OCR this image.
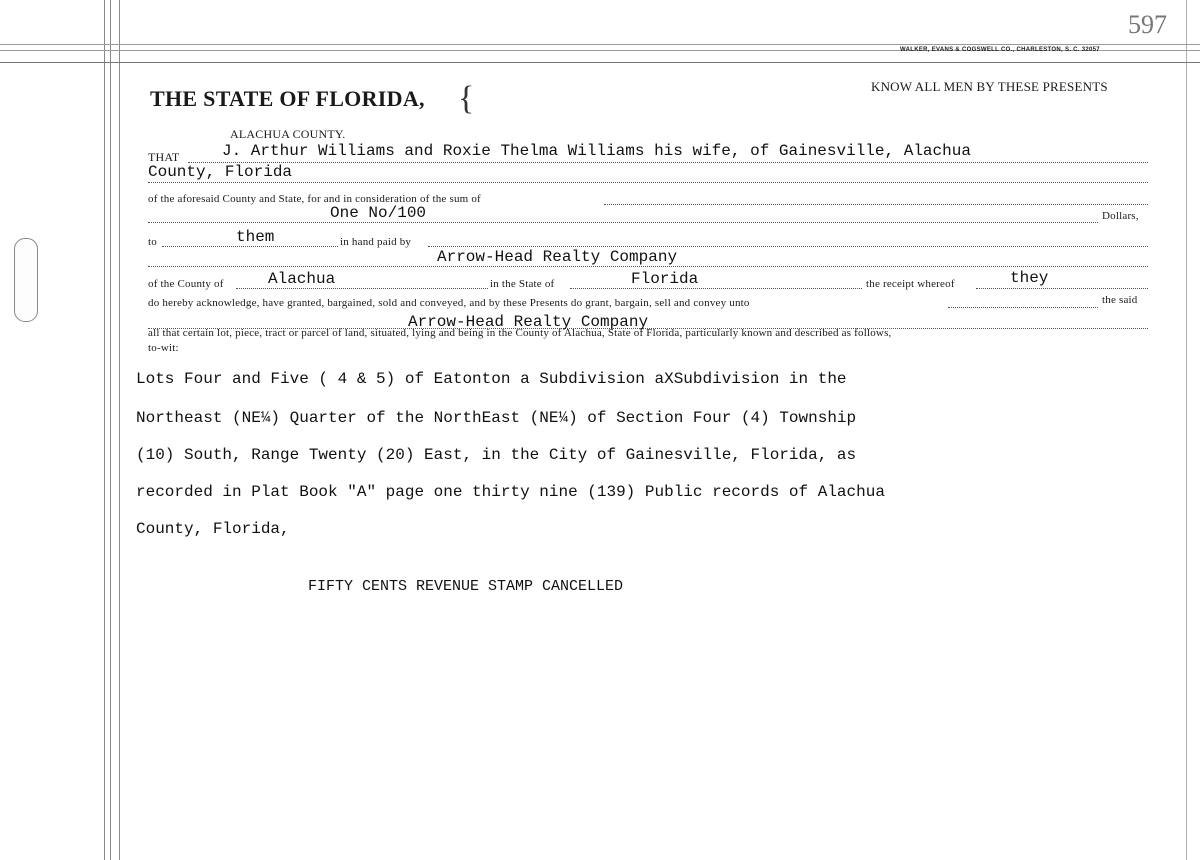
597
WALKER, EVANS & COGSWELL CO., CHARLESTON, S. C. 32057
THE STATE OF FLORIDA, {
ALACHUA COUNTY.
KNOW ALL MEN BY THESE PRESENTS
THAT	J. Arthur Williams and Roxie Thelma Williams his wife, of Gainesville, Alachua
County, Florida
of the aforesaid County and State, for and in consideration of the sum of
One No/100	Dollars,
to	them	in hand paid by
Arrow-Head Realty Company
of the County of	Alachua	in the State of	Florida	the receipt whereof	they
do hereby acknowledge, have granted, bargained, sold and conveyed, and by these Presents do grant, bargain, sell and convey unto	the said
Arrow-Head Realty Company
all that certain lot, piece, tract or parcel of land, situated, lying and being in the County of Alachua, State of Florida, particularly known and described as follows,
to-wit:
Lots Four and Five ( 4 & 5) of Eatonton a Subdivision aXSubdivision in the
Northeast (NE¼) Quarter of the NorthEast (NE¼) of Section Four (4) Township
(10) South, Range Twenty (20) East, in the City of Gainesville, Florida, as
recorded in Plat Book "A" page one thirty nine (139) Public records of Alachua
County, Florida,
FIFTY CENTS REVENUE STAMP CANCELLED
